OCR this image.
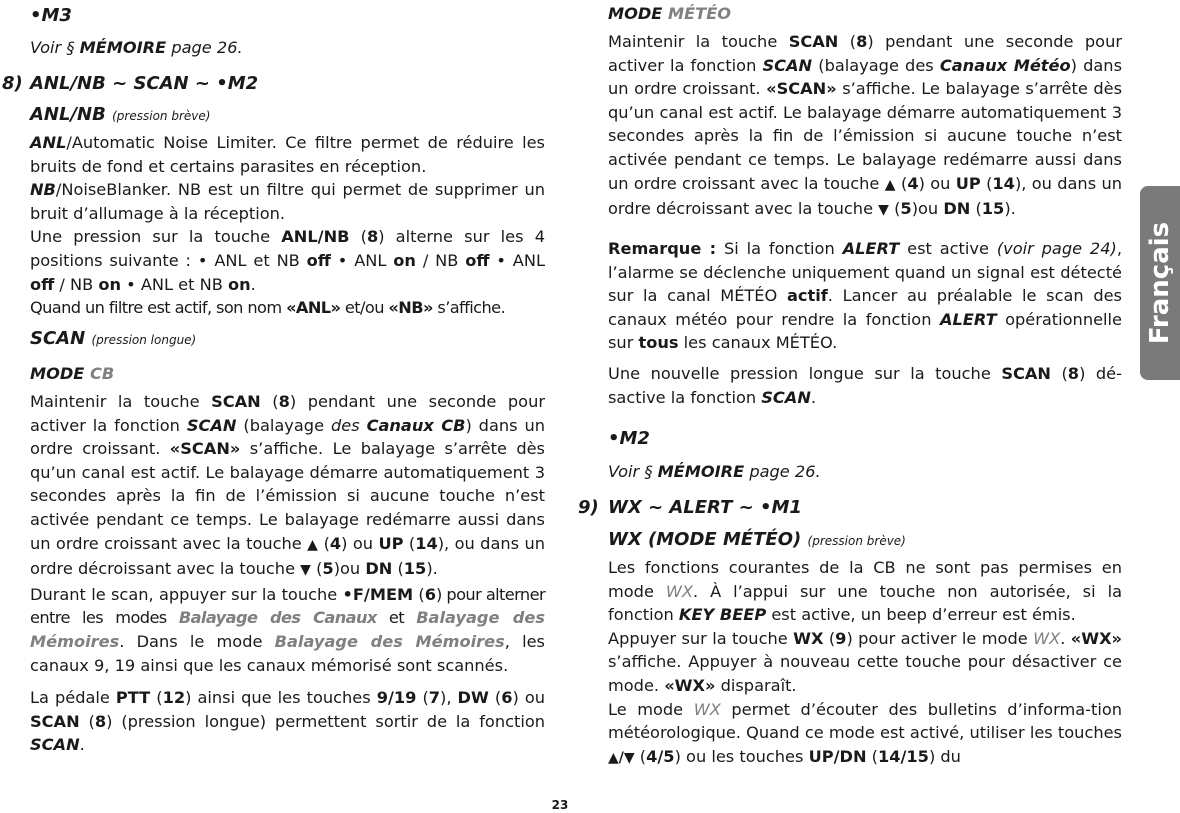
•M3

Voir § MÉMOIRE page 26.

8) ANL/NB ~ SCAN ~ •M2

ANL/NB (pression brève)

ANL/Automatic Noise Limiter. Ce filtre permet de réduire les bruits de fond et certains parasites en réception.
NB/NoiseBlanker. NB est un filtre qui permet de supprimer un bruit d’allumage à la réception.
Une pression sur la touche ANL/NB (8) alterne sur les 4 positions suivante : • ANL et NB off • ANL on / NB off • ANL off / NB on • ANL et NB on.
Quand un filtre est actif, son nom «ANL» et/ou «NB» s’affiche.

SCAN (pression longue)

MODE CB

Maintenir la touche SCAN (8) pendant une seconde pour activer la fonction SCAN (balayage des Canaux CB) dans un ordre croissant. «SCAN» s’affiche. Le balayage s’arrête dès qu’un canal est actif. Le balayage démarre automatiquement 3 secondes après la fin de l’émission si aucune touche n’est activée pendant ce temps. Le balayage redémarre aussi dans un ordre croissant avec la touche ▲ (4) ou UP (14), ou dans un ordre décroissant avec la touche ▼ (5)ou DN (15).
Durant le scan, appuyer sur la touche •F/MEM (6) pour alterner entre les modes Balayage des Canaux et Balayage des Mémoires. Dans le mode Balayage des Mémoires, les canaux 9, 19 ainsi que les canaux mémorisé sont scannés.

La pédale PTT (12) ainsi que les touches 9/19 (7), DW (6) ou SCAN (8) (pression longue) permettent sortir de la fonction SCAN.

MODE MÉTÉO

Maintenir la touche SCAN (8) pendant une seconde pour activer la fonction SCAN (balayage des Canaux Météo) dans un ordre croissant. «SCAN» s’affiche. Le balayage s’arrête dès qu’un canal est actif. Le balayage démarre automatiquement 3 secondes après la fin de l’émission si aucune touche n’est activée pendant ce temps. Le balayage redémarre aussi dans un ordre croissant avec la touche ▲ (4) ou UP (14), ou dans un ordre décroissant avec la touche ▼ (5)ou DN (15).

Remarque : Si la fonction ALERT est active (voir page 24), l’alarme se déclenche uniquement quand un signal est détecté sur la canal MÉTÉO actif. Lancer au préalable le scan des canaux météo pour rendre la fonction ALERT opérationnelle sur tous les canaux MÉTÉO.

Une nouvelle pression longue sur la touche SCAN (8) dé-sactive la fonction SCAN.

•M2

Voir § MÉMOIRE page 26.

9) WX ~ ALERT ~ •M1

WX (MODE MÉTÉO) (pression brève)

Les fonctions courantes de la CB ne sont pas permises en mode WX. À l’appui sur une touche non autorisée, si la fonction KEY BEEP est active, un beep d’erreur est émis.
Appuyer sur la touche WX (9) pour activer le mode WX. «WX» s’affiche. Appuyer à nouveau cette touche pour désactiver ce mode. «WX» disparaît.
Le mode WX permet d’écouter des bulletins d’informa-tion météorologique. Quand ce mode est activé, utiliser les touches ▲/▼ (4/5) ou les touches UP/DN (14/15) du

Français
23
